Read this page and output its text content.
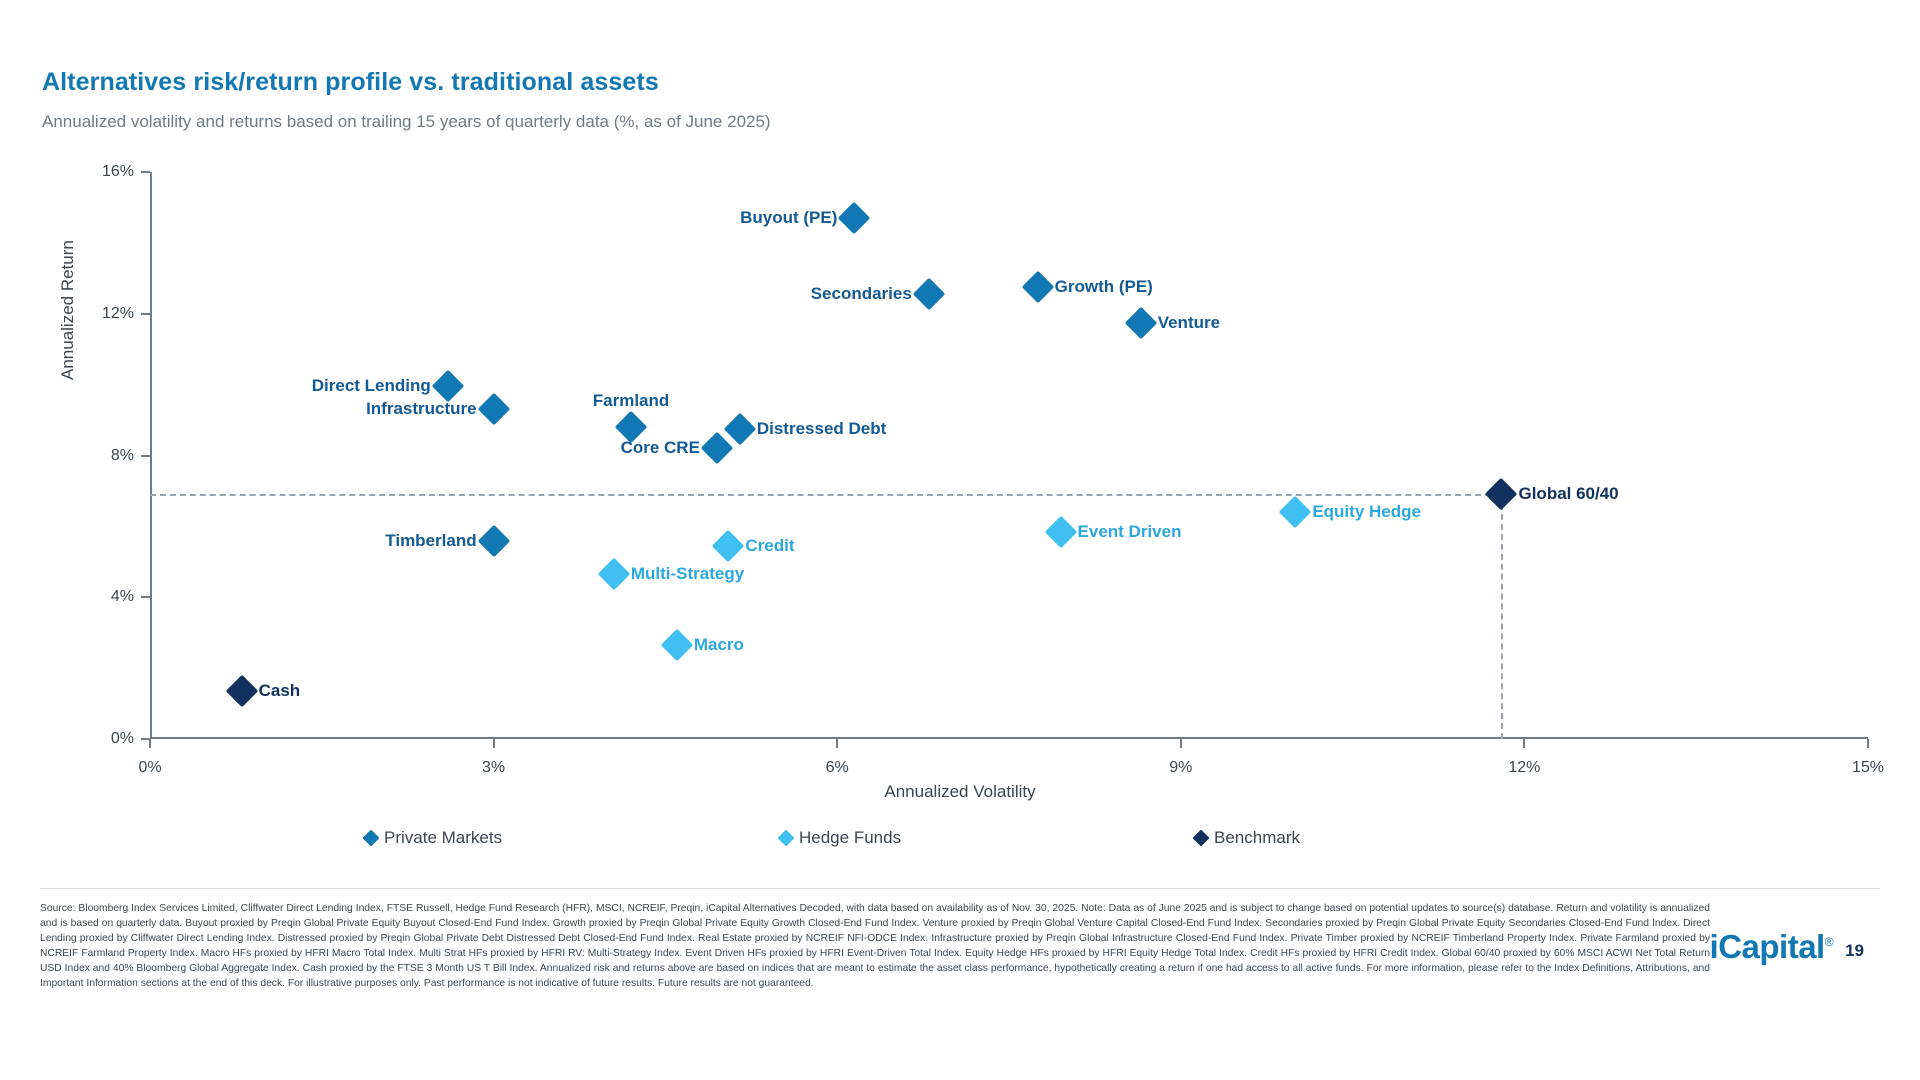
Alternatives risk/return profile vs. traditional assets
Annualized volatility and returns based on trailing 15 years of quarterly data (%, as of June 2025)
Annualized Return
Annualized Volatility
0%
4%
8%
12%
16%
0%	3%	6%	9%	12%	15%
Buyout (PE)
Secondaries	Growth (PE)
Venture
Direct Lending
Infrastructure	Farmland
Distressed Debt
Core CRE
Timberland
Equity Hedge
Event Driven
Credit
Multi-Strategy
Macro
Global 60/40
Cash
Private Markets	Hedge Funds	Benchmark
Source: Bloomberg Index Services Limited, Cliffwater Direct Lending Index, FTSE Russell, Hedge Fund Research (HFR), MSCI, NCREIF, Preqin, iCapital Alternatives Decoded, with data based on availability as of Nov. 30, 2025. Note: Data as of June 2025 and is subject to change based on potential updates to source(s) database. Return and volatility is annualized and is based on quarterly data. Buyout proxied by Preqin Global Private Equity Buyout Closed-End Fund Index. Growth proxied by Preqin Global Private Equity Growth Closed-End Fund Index. Venture proxied by Preqin Global Venture Capital Closed-End Fund Index. Secondaries proxied by Preqin Global Private Equity Secondaries Closed-End Fund Index. Direct Lending proxied by Cliffwater Direct Lending Index. Distressed proxied by Preqin Global Private Debt Distressed Debt Closed-End Fund Index. Real Estate proxied by NCREIF NFI-ODCE Index. Infrastructure proxied by Preqin Global Infrastructure Closed-End Fund Index. Private Timber proxied by NCREIF Timberland Property Index. Private Farmland proxied by NCREIF Farmland Property Index. Macro HFs proxied by HFRI Macro Total Index. Multi Strat HFs proxied by HFRI RV: Multi-Strategy Index. Event Driven HFs proxied by HFRI Event-Driven Total Index. Equity Hedge HFs proxied by HFRI Equity Hedge Total Index. Credit HFs proxied by HFRI Credit Index. Global 60/40 proxied by 60% MSCI ACWI Net Total Return USD Index and 40% Bloomberg Global Aggregate Index. Cash proxied by the FTSE 3 Month US T Bill Index. Annualized risk and returns above are based on indices that are meant to estimate the asset class performance, hypothetically creating a return if one had access to all active funds. For more information, please refer to the Index Definitions, Attributions, and Important Information sections at the end of this deck. For illustrative purposes only. Past performance is not indicative of future results. Future results are not guaranteed.
iCapital® 19
